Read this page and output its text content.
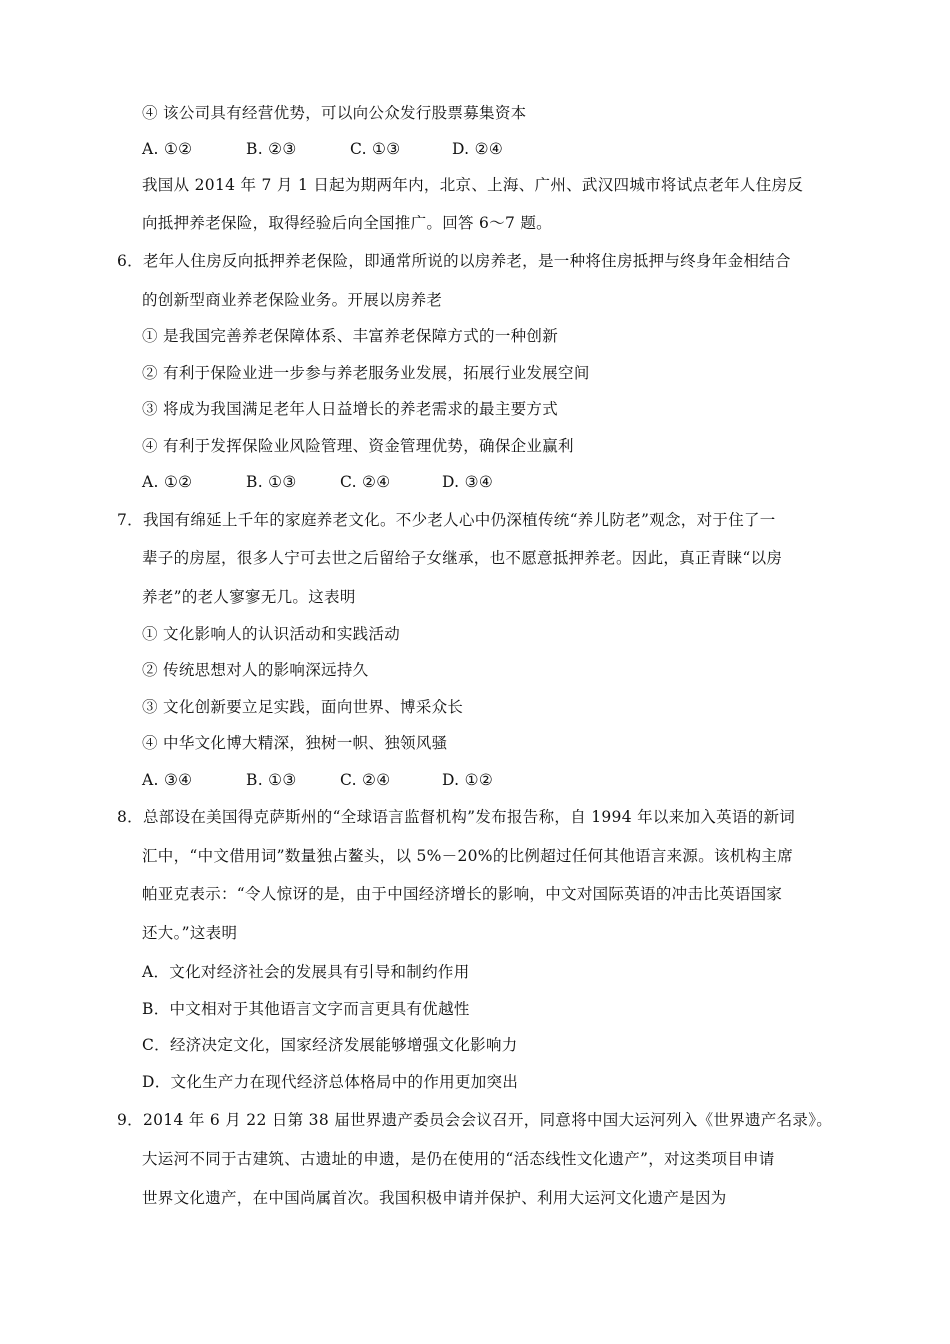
④ 该公司具有经营优势，可以向公众发行股票募集资本
A. ①②	B. ②③	C. ①③	D. ②④
我国从 2014 年 7 月 1 日起为期两年内，北京、上海、广州、武汉四城市将试点老年人住房反
向抵押养老保险，取得经验后向全国推广。回答 6～7 题。
6．老年人住房反向抵押养老保险，即通常所说的以房养老，是一种将住房抵押与终身年金相结合
的创新型商业养老保险业务。开展以房养老
① 是我国完善养老保障体系、丰富养老保障方式的一种创新
② 有利于保险业进一步参与养老服务业发展，拓展行业发展空间
③ 将成为我国满足老年人日益增长的养老需求的最主要方式
④ 有利于发挥保险业风险管理、资金管理优势，确保企业赢利
A. ①②	B. ①③	C. ②④	D. ③④
7．我国有绵延上千年的家庭养老文化。不少老人心中仍深植传统“养儿防老”观念，对于住了一
辈子的房屋，很多人宁可去世之后留给子女继承，也不愿意抵押养老。因此，真正青睐“以房
养老”的老人寥寥无几。这表明
① 文化影响人的认识活动和实践活动
② 传统思想对人的影响深远持久
③ 文化创新要立足实践，面向世界、博采众长
④ 中华文化博大精深，独树一帜、独领风骚
A. ③④	B. ①③	C. ②④	D. ①②
8．总部设在美国得克萨斯州的“全球语言监督机构”发布报告称，自 1994 年以来加入英语的新词
汇中，“中文借用词”数量独占鳌头，以 5%－20%的比例超过任何其他语言来源。该机构主席
帕亚克表示：“令人惊讶的是，由于中国经济增长的影响，中文对国际英语的冲击比英语国家
还大。”这表明
A．文化对经济社会的发展具有引导和制约作用
B．中文相对于其他语言文字而言更具有优越性
C．经济决定文化，国家经济发展能够增强文化影响力
D．文化生产力在现代经济总体格局中的作用更加突出
9．2014 年 6 月 22 日第 38 届世界遗产委员会会议召开，同意将中国大运河列入《世界遗产名录》。
大运河不同于古建筑、古遗址的申遗，是仍在使用的“活态线性文化遗产”，对这类项目申请
世界文化遗产，在中国尚属首次。我国积极申请并保护、利用大运河文化遗产是因为
